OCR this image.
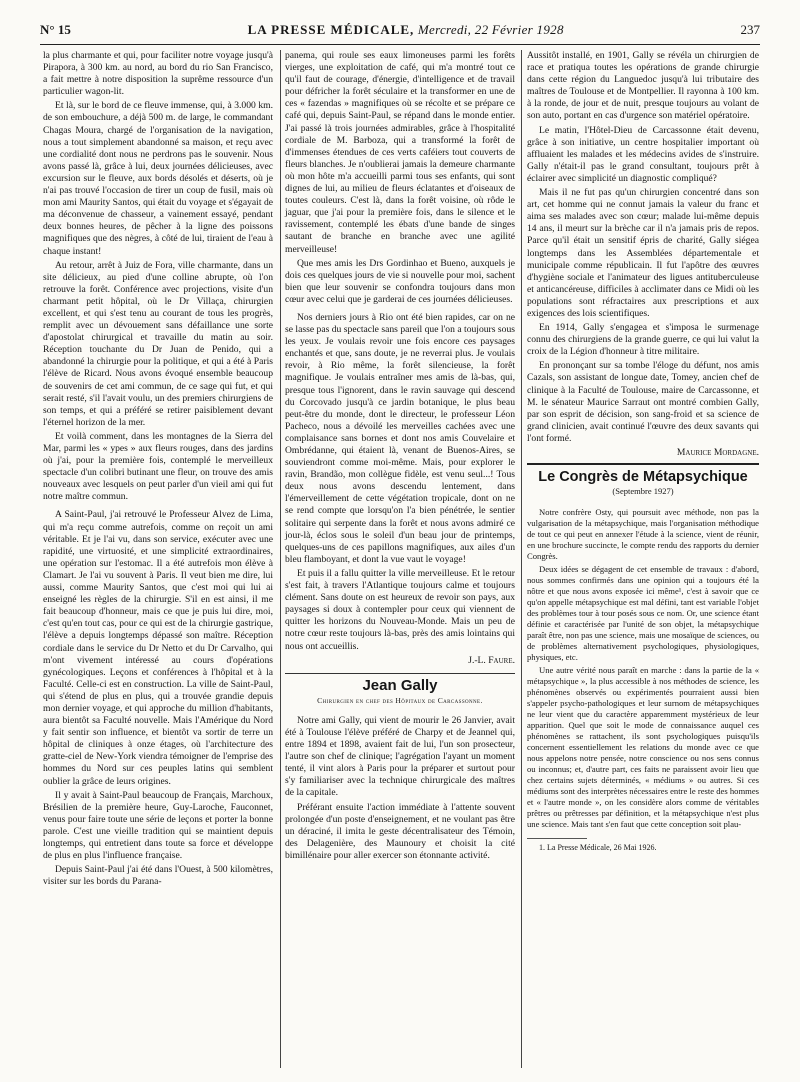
N° 15	LA PRESSE MÉDICALE, Mercredi, 22 Février 1928	237

la plus charmante et qui, pour faciliter notre voyage jusqu'à Pirapora, à 300 km. au nord, au bord du rio San Francisco, a fait mettre à notre disposition la suprême ressource d'un particulier wagon-lit.

Et là, sur le bord de ce fleuve immense, qui, à 3.000 km. de son embouchure, a déjà 500 m. de large, le commandant Chagas Moura, chargé de l'organisation de la navigation, nous a tout simplement abandonné sa maison, et reçu avec une cordialité dont nous ne perdrons pas le souvenir. Nous avons passé là, grâce à lui, deux journées délicieuses, avec excursion sur le fleuve, aux bords désolés et déserts, où je n'ai pas trouvé l'occasion de tirer un coup de fusil, mais où mon ami Maurity Santos, qui était du voyage et s'égayait de ma déconvenue de chasseur, a vainement essayé, pendant deux bonnes heures, de pêcher à la ligne des poissons magnifiques que des nègres, à côté de lui, tiraient de l'eau à chaque instant!

Au retour, arrêt à Juiz de Fora, ville charmante, dans un site délicieux, au pied d'une colline abrupte, où l'on retrouve la forêt. Conférence avec projections, visite d'un charmant petit hôpital, où le Dr Villaça, chirurgien excellent, et qui s'est tenu au courant de tous les progrès, remplit avec un dévouement sans défaillance une sorte d'apostolat chirurgical et travaille du matin au soir. Réception touchante du Dr Juan de Penido, qui a abandonné la chirurgie pour la politique, et qui a été à Paris l'élève de Ricard. Nous avons évoqué ensemble beaucoup de souvenirs de cet ami commun, de ce sage qui fut, et qui serait resté, s'il l'avait voulu, un des premiers chirurgiens de son temps, et qui a préféré se retirer paisiblement devant l'éternel horizon de la mer.

Et voilà comment, dans les montagnes de la Sierra del Mar, parmi les « ypes » aux fleurs rouges, dans des jardins où j'ai, pour la première fois, contemplé le merveilleux spectacle d'un colibri butinant une fleur, on trouve des amis nouveaux avec lesquels on peut parler d'un vieil ami qui fut notre maître commun.

A Saint-Paul, j'ai retrouvé le Professeur Alvez de Lima, qui m'a reçu comme autrefois, comme on reçoit un ami véritable. Et je l'ai vu, dans son service, exécuter avec une rapidité, une virtuosité, et une simplicité extraordinaires, une opération sur l'estomac. Il a été autrefois mon élève à Clamart. Je l'ai vu souvent à Paris. Il veut bien me dire, lui aussi, comme Maurity Santos, que c'est moi qui lui ai enseigné les règles de la chirurgie. S'il en est ainsi, il me fait beaucoup d'honneur, mais ce que je puis lui dire, moi, c'est qu'en tout cas, pour ce qui est de la chirurgie gastrique, l'élève a depuis longtemps dépassé son maître. Réception cordiale dans le service du Dr Netto et du Dr Carvalho, qui m'ont vivement intéressé au cours d'opérations gynécologiques. Leçons et conférences à l'hôpital et à la Faculté. Celle-ci est en construction. La ville de Saint-Paul, qui s'étend de plus en plus, qui a trouvée grandie depuis mon dernier voyage, et qui approche du million d'habitants, aura bientôt sa Faculté nouvelle. Mais l'Amérique du Nord y fait sentir son influence, et bientôt va sortir de terre un hôpital de cliniques à onze étages, où l'architecture des gratte-ciel de New-York viendra témoigner de l'emprise des hommes du Nord sur ces peuples latins qui semblent oublier la grâce de leurs origines.

Il y avait à Saint-Paul beaucoup de Français, Marchoux, Brésilien de la première heure, Guy-Laroche, Fauconnet, venus pour faire toute une série de leçons et porter la bonne parole. C'est une vieille tradition qui se maintient depuis longtemps, qui entretient dans toute sa force et développe de plus en plus l'influence française.

Depuis Saint-Paul j'ai été dans l'Ouest, à 500 kilomètres, visiter sur les bords du Parana-

panema, qui roule ses eaux limoneuses parmi les forêts vierges, une exploitation de café, qui m'a montré tout ce qu'il faut de courage, d'énergie, d'intelligence et de travail pour défricher la forêt séculaire et la transformer en une de ces « fazendas » magnifiques où se récolte et se prépare ce café qui, depuis Saint-Paul, se répand dans le monde entier. J'ai passé là trois journées admirables, grâce à l'hospitalité cordiale de M. Barboza, qui a transformé la forêt de d'immenses étendues de ces verts caféiers tout couverts de fleurs blanches. Je n'oublierai jamais la demeure charmante où mon hôte m'a accueilli parmi tous ses enfants, qui sont dignes de lui, au milieu de fleurs éclatantes et d'oiseaux de toutes couleurs. C'est là, dans la forêt voisine, où rôde le jaguar, que j'ai pour la première fois, dans le silence et le ravissement, contemplé les ébats d'une bande de singes sautant de branche en branche avec une agilité merveilleuse!

Que mes amis les Drs Gordinhao et Bueno, auxquels je dois ces quelques jours de vie si nouvelle pour moi, sachent bien que leur souvenir se confondra toujours dans mon cœur avec celui que je garderai de ces journées délicieuses.

Nos derniers jours à Rio ont été bien rapides, car on ne se lasse pas du spectacle sans pareil que l'on a toujours sous les yeux. Je voulais revoir une fois encore ces paysages enchantés et que, sans doute, je ne reverrai plus. Je voulais revoir, à Rio même, la forêt silencieuse, la forêt magnifique. Je voulais entraîner mes amis de là-bas, qui, presque tous l'ignorent, dans le ravin sauvage qui descend du Corcovado jusqu'à ce jardin botanique, le plus beau peut-être du monde, dont le directeur, le professeur Léon Pacheco, nous a dévoilé les merveilles cachées avec une complaisance sans bornes et dont nos amis Couvelaire et Ombrédanne, qui étaient là, venant de Buenos-Aires, se souviendront comme moi-même. Mais, pour explorer le ravin, Brandão, mon collègue fidèle, est venu seul...! Tous deux nous avons descendu lentement, dans l'émerveillement de cette végétation tropicale, dont on ne se rend compte que lorsqu'on l'a bien pénétrée, le sentier solitaire qui serpente dans la forêt et nous avons admiré ce jour-là, éclos sous le soleil d'un beau jour de printemps, quelques-uns de ces papillons magnifiques, aux ailes d'un bleu flamboyant, et dont la vue vaut le voyage!

Et puis il a fallu quitter la ville merveilleuse. Et le retour s'est fait, à travers l'Atlantique toujours calme et toujours clément. Sans doute on est heureux de revoir son pays, aux paysages si doux à contempler pour ceux qui viennent de quitter les horizons du Nouveau-Monde. Mais un peu de notre cœur reste toujours là-bas, près des amis lointains qui nous ont accueillis.

J.-L. Faure.
Jean Gally
Chirurgien en chef des Hôpitaux de Carcassonne.

Notre ami Gally, qui vient de mourir le 26 Janvier, avait été à Toulouse l'élève préféré de Charpy et de Jeannel qui, entre 1894 et 1898, avaient fait de lui, l'un son prosecteur, l'autre son chef de clinique; l'agrégation l'ayant un moment tenté, il vint alors à Paris pour la préparer et surtout pour s'y familiariser avec la technique chirurgicale des maîtres de la capitale.

Préférant ensuite l'action immédiate à l'attente souvent prolongée d'un poste d'enseignement, et ne voulant pas être un déraciné, il imita le geste décentralisateur des Témoin, des Delagenière, des Maunoury et choisit la cité bimillénaire pour aller exercer son étonnante activité.

Aussitôt installé, en 1901, Gally se révéla un chirurgien de race et pratiqua toutes les opérations de grande chirurgie dans cette région du Languedoc jusqu'à lui tributaire des maîtres de Toulouse et de Montpellier. Il rayonna à 100 km. à la ronde, de jour et de nuit, presque toujours au volant de son auto, portant en cas d'urgence son matériel opératoire.

Le matin, l'Hôtel-Dieu de Carcassonne était devenu, grâce à son initiative, un centre hospitalier important où affluaient les malades et les médecins avides de s'instruire. Gally n'était-il pas le grand consultant, toujours prêt à éclairer avec simplicité un diagnostic compliqué?

Mais il ne fut pas qu'un chirurgien concentré dans son art, cet homme qui ne connut jamais la valeur du franc et aima ses malades avec son cœur; malade lui-même depuis 14 ans, il meurt sur la brèche car il n'a jamais pris de repos. Parce qu'il était un sensitif épris de charité, Gally siégea longtemps dans les Assemblées départementale et municipale comme républicain. Il fut l'apôtre des œuvres d'hygiène sociale et l'animateur des ligues antituberculeuse et anticancéreuse, difficiles à acclimater dans ce Midi où les populations sont réfractaires aux prescriptions et aux exigences des lois scientifiques.

En 1914, Gally s'engagea et s'imposa le surmenage connu des chirurgiens de la grande guerre, ce qui lui valut la croix de la Légion d'honneur à titre militaire.

En prononçant sur sa tombe l'éloge du défunt, nos amis Cazals, son assistant de longue date, Tomey, ancien chef de clinique à la Faculté de Toulouse, maire de Carcassonne, et M. le sénateur Maurice Sarraut ont montré combien Gally, par son esprit de décision, son sang-froid et sa science de grand clinicien, avait continué l'œuvre des deux savants qui l'ont formé.

Maurice Mordagne.
Le Congrès de Métapsychique
(Septembre 1927)

Notre confrère Osty, qui poursuit avec méthode, non pas la vulgarisation de la métapsychique, mais l'organisation méthodique de tout ce qui peut en annexer l'étude à la science, vient de réunir, en une brochure succincte, le compte rendu des rapports du dernier Congrès.

Deux idées se dégagent de cet ensemble de travaux : d'abord, nous sommes confirmés dans une opinion qui a toujours été la nôtre et que nous avons exposée ici même¹, c'est à savoir que ce qu'on appelle métapsychique est mal défini, tant est variable l'objet des problèmes tour à tour posés sous ce nom. Or, une science étant définie et caractérisée par l'unité de son objet, la métapsychique paraît être, non pas une science, mais une mosaïque de sciences, ou de problèmes alternativement psychologiques, physiologiques, physiques, etc.

Une autre vérité nous paraît en marche : dans la partie de la « métapsychique », la plus accessible à nos méthodes de science, les phénomènes observés ou expérimentés pourraient aussi bien s'appeler psycho-pathologiques et leur surnom de métapsychiques ne leur vient que du caractère apparemment mystérieux de leur apparition. Quel que soit le mode de connaissance auquel ces phénomènes se rattachent, ils sont psychologiques puisqu'ils concernent essentiellement les relations du monde avec ce que nous appelons notre pensée, notre conscience ou nos sens connus ou inconnus; et, d'autre part, ces faits ne paraissent avoir lieu que chez certains sujets déterminés, « médiums » ou autres. Si ces médiums sont des interprètes nécessaires entre le reste des hommes et « l'autre monde », on les considère alors comme de véritables prêtres ou prêtresses par définition, et la métapsychique n'est plus une science. Mais tant s'en faut que cette conception soit plau-

1. La Presse Médicale, 26 Mai 1926.
